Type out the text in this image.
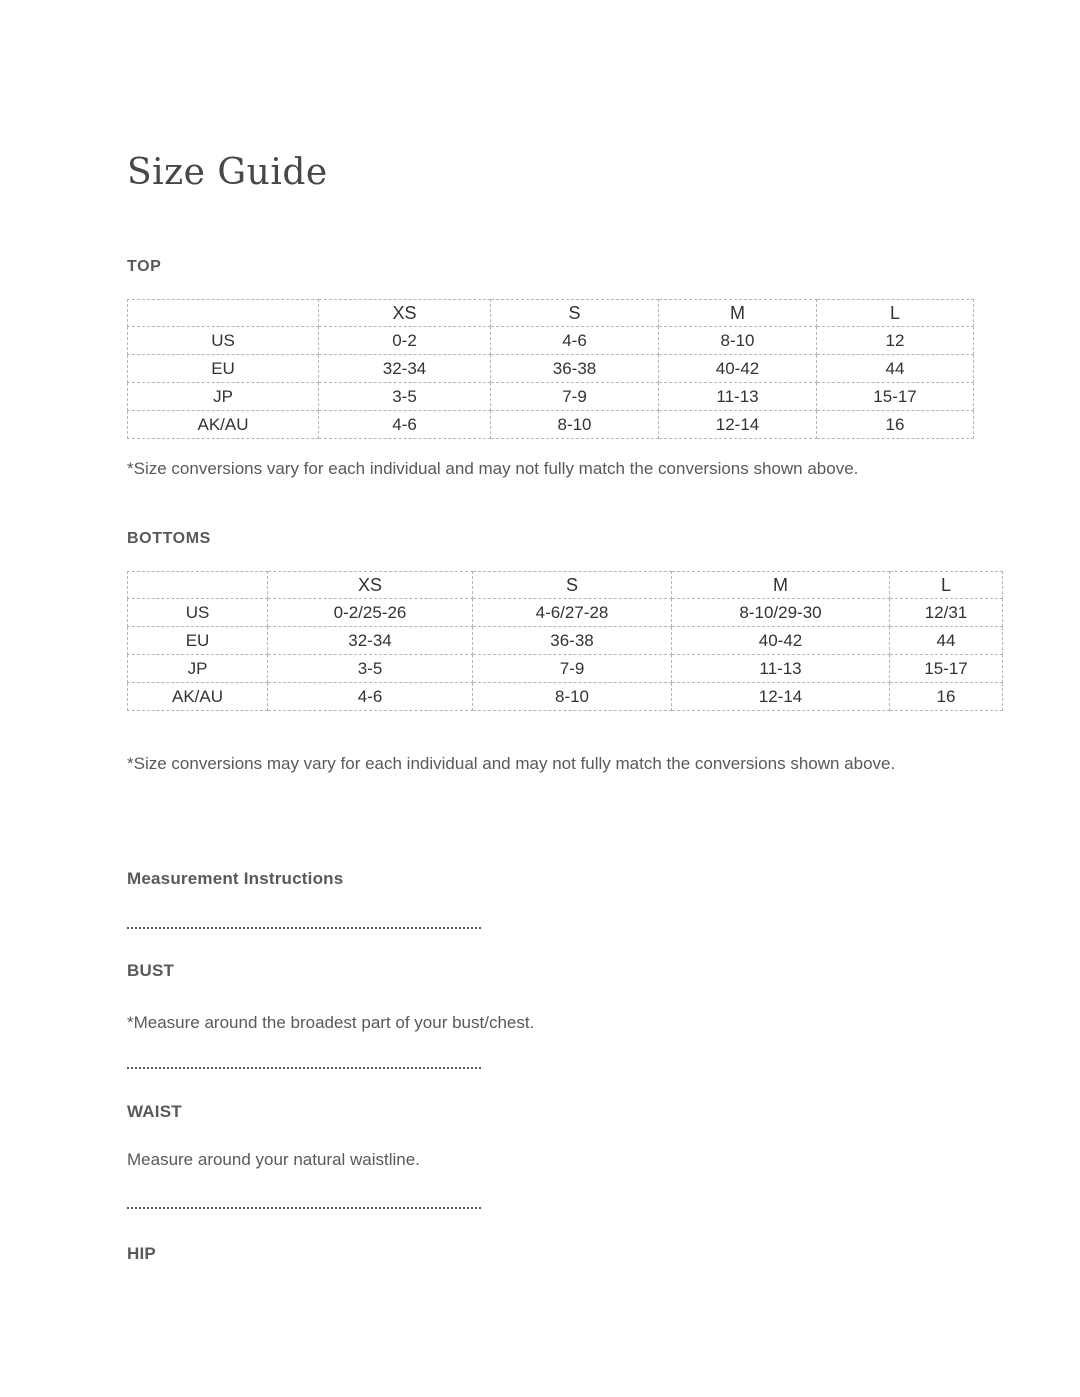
Size Guide
TOP
	XS	S	M	L
US	0-2	4-6	8-10	12
EU	32-34	36-38	40-42	44
JP	3-5	7-9	11-13	15-17
AK/AU	4-6	8-10	12-14	16
*Size conversions vary for each individual and may not fully match the conversions shown above.
BOTTOMS
	XS	S	M	L
US	0-2/25-26	4-6/27-28	8-10/29-30	12/31
EU	32-34	36-38	40-42	44
JP	3-5	7-9	11-13	15-17
AK/AU	4-6	8-10	12-14	16
*Size conversions may vary for each individual and may not fully match the conversions shown above.
Measurement Instructions
BUST
*Measure around the broadest part of your bust/chest.
WAIST
Measure around your natural waistline.
HIP
